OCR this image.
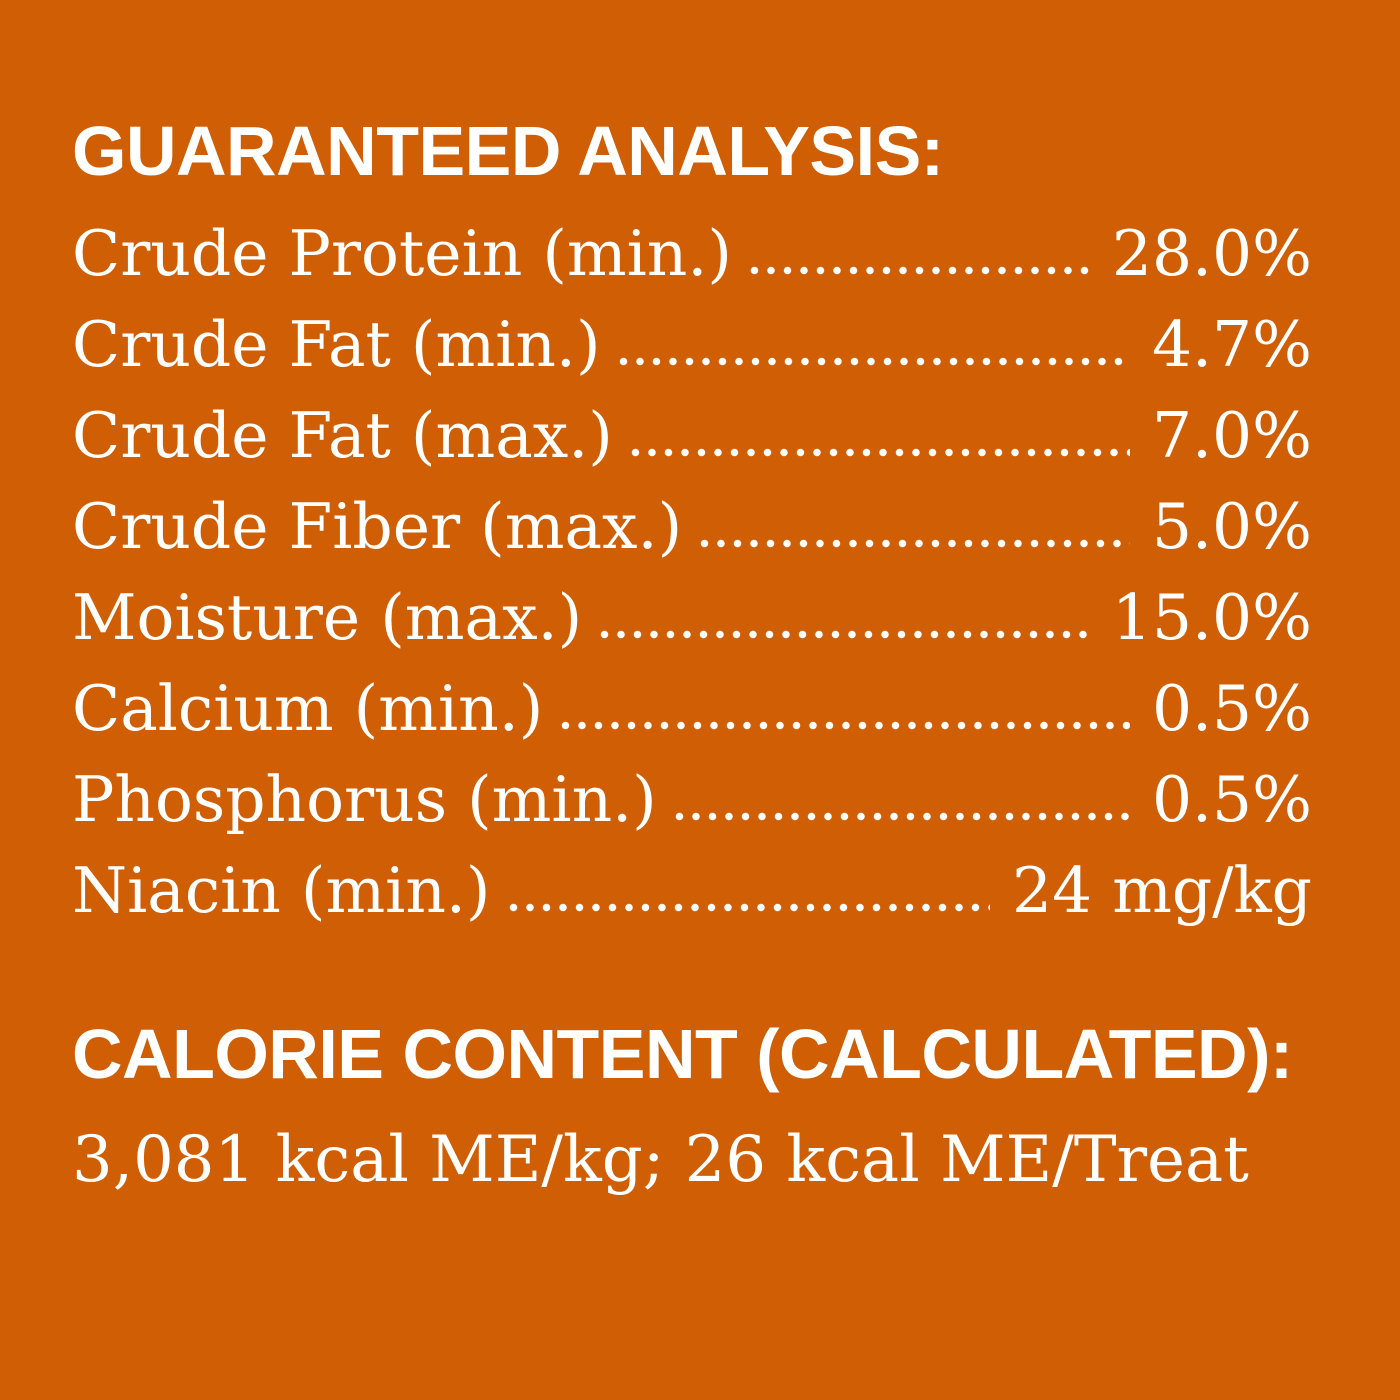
GUARANTEED ANALYSIS:
Crude Protein (min.)	28.0%
Crude Fat (min.)	4.7%
Crude Fat (max.)	7.0%
Crude Fiber (max.)	5.0%
Moisture (max.)	15.0%
Calcium (min.)	0.5%
Phosphorus (min.)	0.5%
Niacin (min.)	24 mg/kg
CALORIE CONTENT (CALCULATED):
3,081 kcal ME/kg; 26 kcal ME/Treat
